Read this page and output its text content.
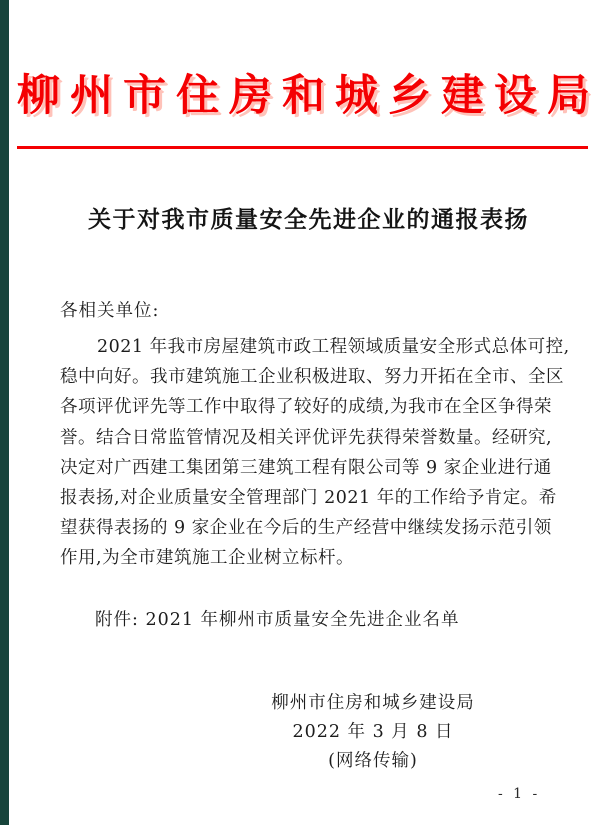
柳州市住房和城乡建设局
关于对我市质量安全先进企业的通报表扬
各相关单位:
2021 年我市房屋建筑市政工程领域质量安全形式总体可控,
稳中向好。我市建筑施工企业积极进取、努力开拓在全市、全区
各项评优评先等工作中取得了较好的成绩,为我市在全区争得荣
誉。结合日常监管情况及相关评优评先获得荣誉数量。经研究,
决定对广西建工集团第三建筑工程有限公司等 9 家企业进行通
报表扬,对企业质量安全管理部门 2021 年的工作给予肯定。希
望获得表扬的 9 家企业在今后的生产经营中继续发扬示范引领
作用,为全市建筑施工企业树立标杆。
附件: 2021 年柳州市质量安全先进企业名单
柳州市住房和城乡建设局
2022 年 3 月 8 日
(网络传输)
- 1 -
